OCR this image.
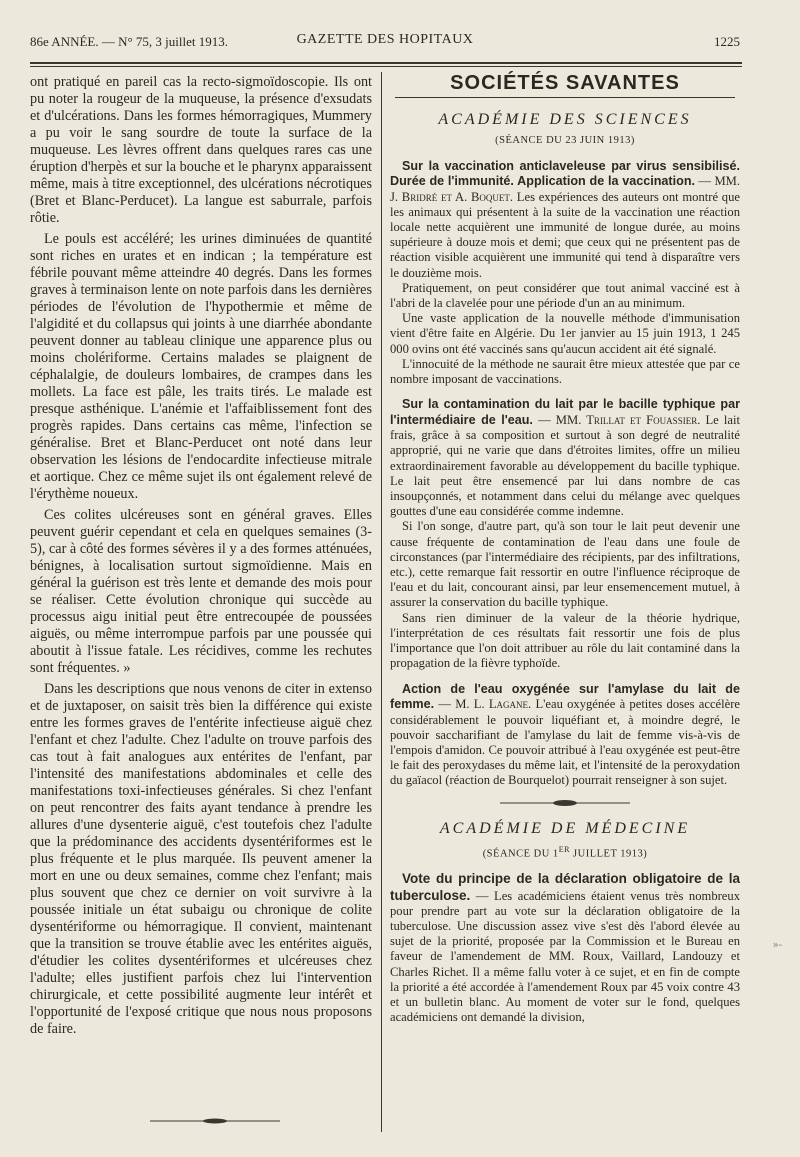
86e ANNÉE. — N° 75, 3 juillet 1913.	GAZETTE DES HOPITAUX	1225

ont pratiqué en pareil cas la recto-sigmoïdoscopie. Ils ont pu noter la rougeur de la muqueuse, la présence d'exsudats et d'ulcérations. Dans les formes hémorragiques, Mummery a pu voir le sang sourdre de toute la surface de la muqueuse. Les lèvres offrent dans quelques rares cas une éruption d'herpès et sur la bouche et le pharynx apparaissent même, mais à titre exceptionnel, des ulcérations nécrotiques (Bret et Blanc-Perducet). La langue est saburrale, parfois rôtie.

Le pouls est accéléré; les urines diminuées de quantité sont riches en urates et en indican ; la température est fébrile pouvant même atteindre 40 degrés. Dans les formes graves à terminaison lente on note parfois dans les dernières périodes de l'évolution de l'hypothermie et même de l'algidité et du collapsus qui joints à une diarrhée abondante peuvent donner au tableau clinique une apparence plus ou moins cholériforme. Certains malades se plaignent de céphalalgie, de douleurs lombaires, de crampes dans les mollets. La face est pâle, les traits tirés. Le malade est presque asthénique. L'anémie et l'affaiblissement font des progrès rapides. Dans certains cas même, l'infection se généralise. Bret et Blanc-Perducet ont noté dans leur observation les lésions de l'endocardite infectieuse mitrale et aortique. Chez ce même sujet ils ont également relevé de l'érythème noueux.

Ces colites ulcéreuses sont en général graves. Elles peuvent guérir cependant et cela en quelques semaines (3-5), car à côté des formes sévères il y a des formes atténuées, bénignes, à localisation surtout sigmoïdienne. Mais en général la guérison est très lente et demande des mois pour se réaliser. Cette évolution chronique qui succède au processus aigu initial peut être entrecoupée de poussées aiguës, ou même interrompue parfois par une poussée qui aboutit à l'issue fatale. Les récidives, comme les rechutes sont fréquentes. »

Dans les descriptions que nous venons de citer in extenso et de juxtaposer, on saisit très bien la différence qui existe entre les formes graves de l'entérite infectieuse aiguë chez l'enfant et chez l'adulte. Chez l'adulte on trouve parfois des cas tout à fait analogues aux entérites de l'enfant, par l'intensité des manifestations abdominales et celle des manifestations toxi-infectieuses générales. Si chez l'enfant on peut rencontrer des faits ayant tendance à prendre les allures d'une dysenterie aiguë, c'est toutefois chez l'adulte que la prédominance des accidents dysentériformes est le plus fréquente et le plus marquée. Ils peuvent amener la mort en une ou deux semaines, comme chez l'enfant; mais plus souvent que chez ce dernier on voit survivre à la poussée initiale un état subaigu ou chronique de colite dysentériforme ou hémorragique. Il convient, maintenant que la transition se trouve établie avec les entérites aiguës, d'étudier les colites dysentériformes et ulcéreuses chez l'adulte; elles justifient parfois chez lui l'intervention chirurgicale, et cette possibilité augmente leur intérêt et l'opportunité de l'exposé critique que nous nous proposons de faire.

SOCIÉTÉS SAVANTES
ACADÉMIE DES SCIENCES
(SÉANCE DU 23 JUIN 1913)

Sur la vaccination anticlaveleuse par virus sensibilisé. Durée de l'immunité. Application de la vaccination. — MM. J. Bridré et A. Boquet. Les expériences des auteurs ont montré que les animaux qui présentent à la suite de la vaccination une réaction locale nette acquièrent une immunité de longue durée, au moins supérieure à douze mois et demi; que ceux qui ne présentent pas de réaction visible acquièrent une immunité qui tend à disparaître vers le douzième mois.

Pratiquement, on peut considérer que tout animal vacciné est à l'abri de la clavelée pour une période d'un an au minimum.

Une vaste application de la nouvelle méthode d'immunisation vient d'être faite en Algérie. Du 1er janvier au 15 juin 1913, 1 245 000 ovins ont été vaccinés sans qu'aucun accident ait été signalé.

L'innocuité de la méthode ne saurait être mieux attestée que par ce nombre imposant de vaccinations.

Sur la contamination du lait par le bacille typhique par l'intermédiaire de l'eau. — MM. Trillat et Fouassier. Le lait frais, grâce à sa composition et surtout à son degré de neutralité approprié, qui ne varie que dans d'étroites limites, offre un milieu extraordinairement favorable au développement du bacille typhique. Le lait peut être ensemencé par lui dans nombre de cas insoupçonnés, et notamment dans celui du mélange avec quelques gouttes d'une eau considérée comme indemne.

Si l'on songe, d'autre part, qu'à son tour le lait peut devenir une cause fréquente de contamination de l'eau dans une foule de circonstances (par l'intermédiaire des récipients, par des infiltrations, etc.), cette remarque fait ressortir en outre l'influence réciproque de l'eau et du lait, concourant ainsi, par leur ensemencement mutuel, à assurer la conservation du bacille typhique.

Sans rien diminuer de la valeur de la théorie hydrique, l'interprétation de ces résultats fait ressortir une fois de plus l'importance que l'on doit attribuer au rôle du lait contaminé dans la propagation de la fièvre typhoïde.

Action de l'eau oxygénée sur l'amylase du lait de femme. — M. L. Lagane. L'eau oxygénée à petites doses accélère considérablement le pouvoir liquéfiant et, à moindre degré, le pouvoir saccharifiant de l'amylase du lait de femme vis-à-vis de l'empois d'amidon. Ce pouvoir attribué à l'eau oxygénée est peut-être le fait des peroxydases du même lait, et l'intensité de la peroxydation du gaïacol (réaction de Bourquelot) pourrait renseigner à son sujet.

ACADÉMIE DE MÉDECINE
(SÉANCE DU 1ER JUILLET 1913)

Vote du principe de la déclaration obligatoire de la tuberculose. — Les académiciens étaient venus très nombreux pour prendre part au vote sur la déclaration obligatoire de la tuberculose. Une discussion assez vive s'est dès l'abord élevée au sujet de la priorité, proposée par la Commission et le Bureau en faveur de l'amendement de MM. Roux, Vaillard, Landouzy et Charles Richet. Il a même fallu voter à ce sujet, et en fin de compte la priorité a été accordée à l'amendement Roux par 45 voix contre 43 et un bulletin blanc. Au moment de voter sur le fond, quelques académiciens ont demandé la division,

»-
